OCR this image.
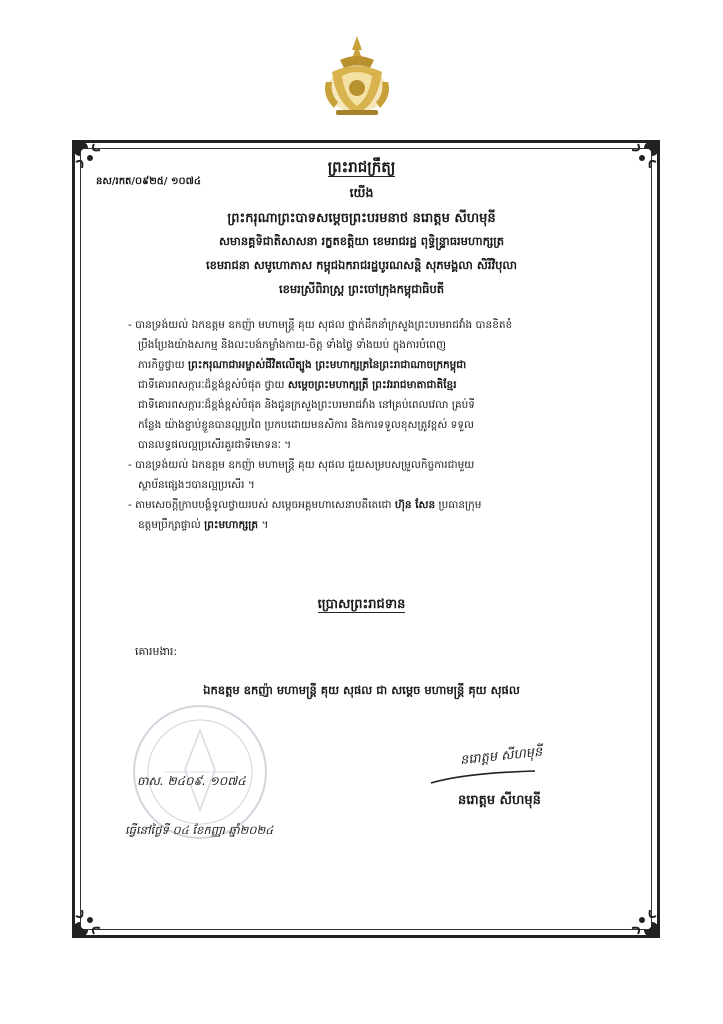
នស/រកត/០៩២៥/ ១០៧៤
ព្រះរាជក្រឹត្យ
យើង
ព្រះករុណាព្រះបាទសម្តេចព្រះបរមនាថ នរោត្តម សីហមុនី
សមានគ្គទិជាតិសាសនា រក្ខតខត្តិយា ខេមរាជរដ្ឋ ពុទ្ធិន្ទ្រាធរមហាក្សត្រ
ខេមរាជនា សមូហោភាស កម្ពុជឯករាជរដ្ឋបូរណសន្តិ សុភមង្គលា សិរីវិបុលា
ខេមរស្រីពិរាស្ត្រ ព្រះចៅក្រុងកម្ពុជាធិបតី

- បានទ្រង់យល់ ឯកឧត្តម ឧកញ៉ា មហាមន្ត្រី គុយ សុផល ថ្នាក់ដឹកនាំក្រសួងព្រះបរមរាជវាំង បានខិតខំ

ប្រឹងប្រែងយ៉ាងសកម្ម និងលះបង់កម្លាំងកាយ-ចិត្ត ទាំងថ្ងៃ ទាំងយប់ ក្នុងការបំពេញ

ភារកិច្ចថ្វាយ ព្រះករុណាជាអម្ចាស់ជីវិតលើត្បូង ព្រះមហាក្សត្រនៃព្រះរាជាណាចក្រកម្ពុជា

ជាទីគោរពសក្ការៈដ៏ខ្ពង់ខ្ពស់បំផុត ថ្វាយ សម្តេចព្រះមហាក្សត្រី ព្រះវររាជមាតាជាតិខ្មែរ

ជាទីគោរពសក្ការៈដ៏ខ្ពង់ខ្ពស់បំផុត និងជូនក្រសួងព្រះបរមរាជវាំង នៅគ្រប់ពេលវេលា គ្រប់ទី

កន្លែង យ៉ាងខ្ជាប់ខ្ជួនបានល្អប្រពៃ ប្រកបដោយមនសិការ និងការទទួលខុសត្រូវខ្ពស់ ទទួល

បានលទ្ធផលល្អប្រសើរគួរជាទីមោទនៈ ។

- បានទ្រង់យល់ ឯកឧត្តម ឧកញ៉ា មហាមន្ត្រី គុយ សុផល ជួយសម្របសម្រួលកិច្ចការជាមួយ

ស្ថាប័នផ្សេងៗបានល្អប្រសើរ ។

- តាមសេចក្តីក្រាបបង្គំទូលថ្វាយរបស់ សម្តេចអគ្គមហាសេនាបតីតេជោ ហ៊ុន សែន ប្រធានក្រុម

ឧត្តមប្រឹក្សាផ្ទាល់ ព្រះមហាក្សត្រ ។

ប្រោសព្រះរាជទាន
គោរមងារ:
ឯកឧត្តម ឧកញ៉ា មហាមន្ត្រី គុយ សុផល ជា សម្តេច មហាមន្ត្រី គុយ សុផល
នរោត្តម សីហមុនី
ចាស. ២៤០៩. ១០៧៤
នរោត្តម សីហមុនី
ធ្វើនៅថ្ងៃទី ០៤ ខែកញ្ញា ឆ្នាំ២០២៤
